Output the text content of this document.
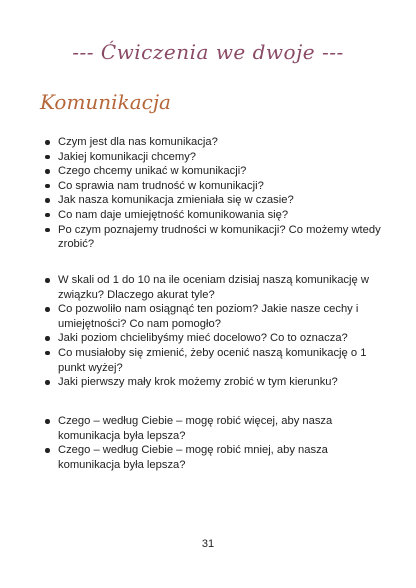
--- Ćwiczenia we dwoje ---
Komunikacja
Czym jest dla nas komunikacja?
Jakiej komunikacji chcemy?
Czego chcemy unikać w komunikacji?
Co sprawia nam trudność w komunikacji?
Jak nasza komunikacja zmieniała się w czasie?
Co nam daje umiejętność komunikowania się?
Po czym poznajemy trudności w komunikacji? Co możemy wtedy zrobić?
W skali od 1 do 10 na ile oceniam dzisiaj naszą komunikację w związku? Dlaczego akurat tyle?
Co pozwoliło nam osiągnąć ten poziom? Jakie nasze cechy i umiejętności? Co nam pomogło?
Jaki poziom chcielibyśmy mieć docelowo? Co to oznacza?
Co musiałoby się zmienić, żeby ocenić naszą komunikację o 1 punkt wyżej?
Jaki pierwszy mały krok możemy zrobić w tym kierunku?
Czego – według Ciebie – mogę robić więcej, aby nasza komunikacja była lepsza?
Czego – według Ciebie – mogę robić mniej, aby nasza komunikacja była lepsza?
31
